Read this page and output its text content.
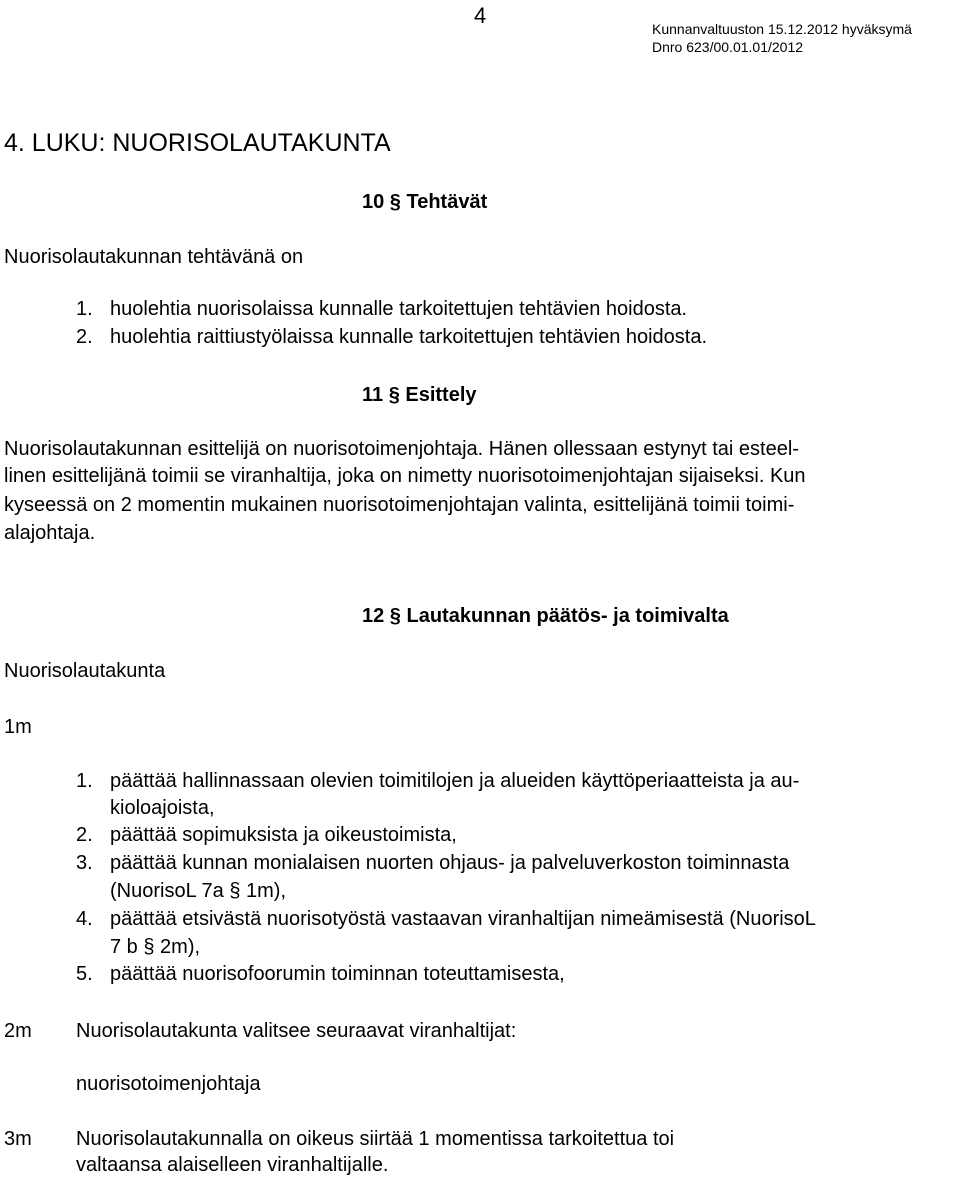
4
Kunnanvaltuuston 15.12.2012 hyväksymä
Dnro 623/00.01.01/2012
4. LUKU: NUORISOLAUTAKUNTA
10 § Tehtävät
Nuorisolautakunnan tehtävänä on
1. huolehtia nuorisolaissa kunnalle tarkoitettujen tehtävien hoidosta.
2. huolehtia raittiustyölaissa kunnalle tarkoitettujen tehtävien hoidosta.
11 § Esittely
Nuorisolautakunnan esittelijä on nuorisotoimenjohtaja. Hänen ollessaan estynyt tai esteel-
linen esittelijänä toimii se viranhaltija, joka on nimetty nuorisotoimenjohtajan sijaiseksi. Kun
kyseessä on 2 momentin mukainen nuorisotoimenjohtajan valinta, esittelijänä toimii toimi-
alajohtaja.
12 § Lautakunnan päätös- ja toimivalta
Nuorisolautakunta
1m
1. päättää hallinnassaan olevien toimitilojen ja alueiden käyttöperiaatteista ja au-
kioloajoista,
2. päättää sopimuksista ja oikeustoimista,
3. päättää kunnan monialaisen nuorten ohjaus- ja palveluverkoston toiminnasta
(NuorisoL 7a § 1m),
4. päättää etsivästä nuorisotyöstä vastaavan viranhaltijan nimeämisestä (NuorisoL
7 b § 2m),
5. päättää nuorisofoorumin toiminnan toteuttamisesta,
2m Nuorisolautakunta valitsee seuraavat viranhaltijat:
nuorisotoimenjohtaja
3m Nuorisolautakunnalla on oikeus siirtää 1 momentissa tarkoitettua toi
valtaansa alaiselleen viranhaltijalle.
